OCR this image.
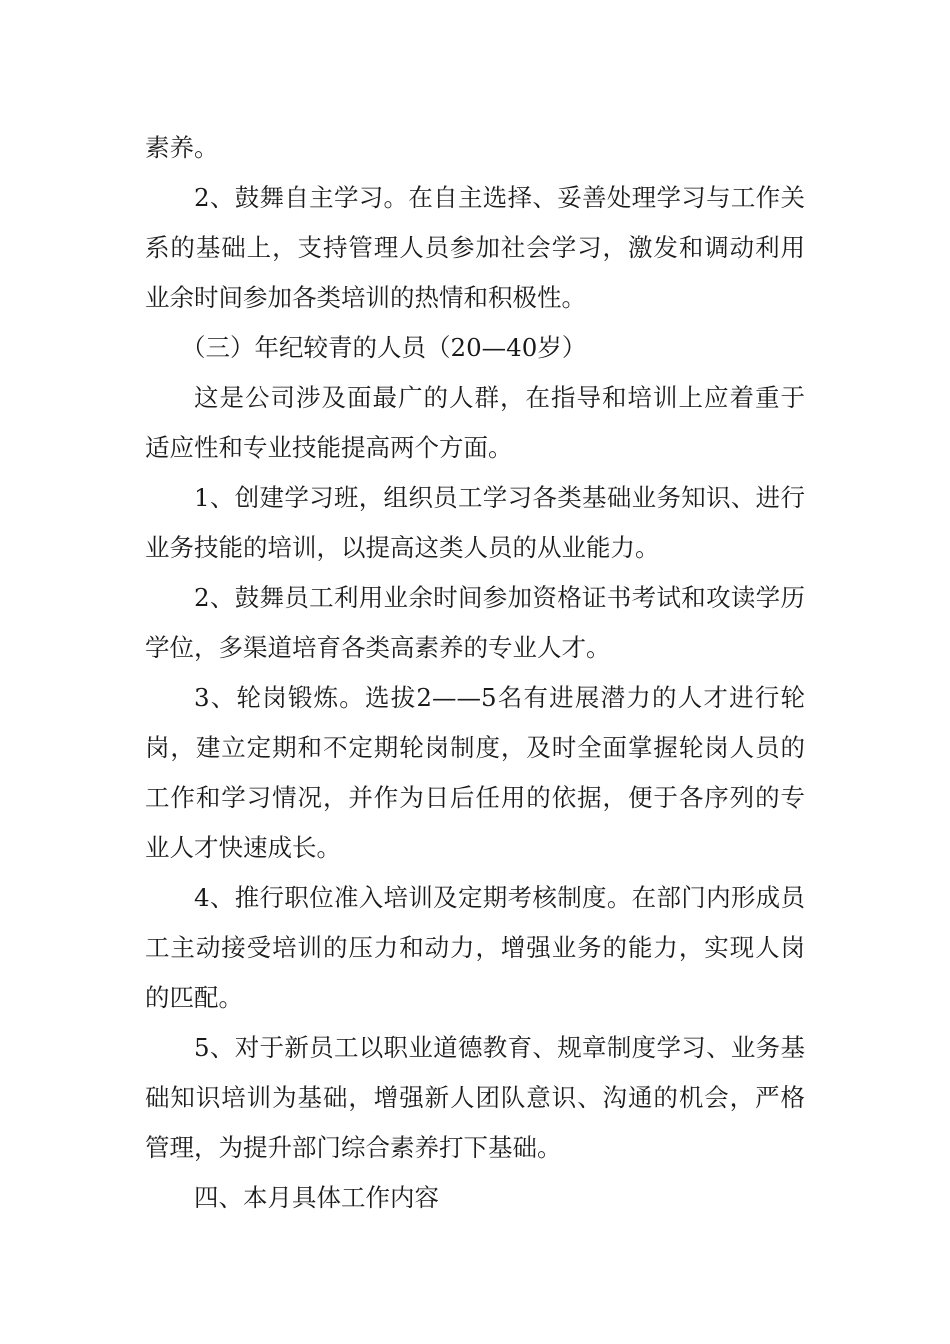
素养。

2、鼓舞自主学习。在自主选择、妥善处理学习与工作关系的基础上，支持管理人员参加社会学习，激发和调动利用业余时间参加各类培训的热情和积极性。

（三）年纪较青的人员（20—40岁）

这是公司涉及面最广的人群，在指导和培训上应着重于适应性和专业技能提高两个方面。

1、创建学习班，组织员工学习各类基础业务知识、进行业务技能的培训，以提高这类人员的从业能力。

2、鼓舞员工利用业余时间参加资格证书考试和攻读学历学位，多渠道培育各类高素养的专业人才。

3、轮岗锻炼。选拔2——5名有进展潜力的人才进行轮岗，建立定期和不定期轮岗制度，及时全面掌握轮岗人员的工作和学习情况，并作为日后任用的依据，便于各序列的专业人才快速成长。

4、推行职位准入培训及定期考核制度。在部门内形成员工主动接受培训的压力和动力，增强业务的能力，实现人岗的匹配。

5、对于新员工以职业道德教育、规章制度学习、业务基础知识培训为基础，增强新人团队意识、沟通的机会，严格管理，为提升部门综合素养打下基础。

四、本月具体工作内容
